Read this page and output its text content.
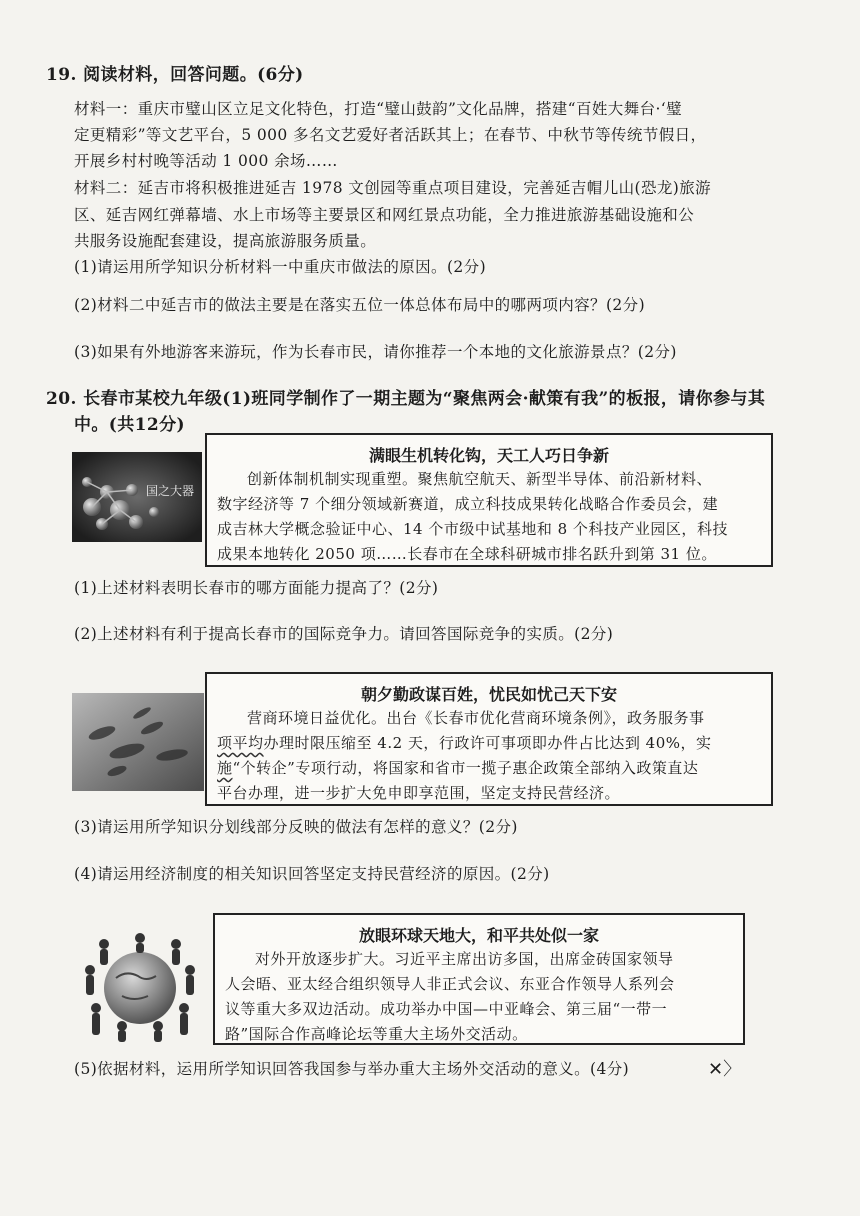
19. 阅读材料，回答问题。(6分)
材料一：重庆市璧山区立足文化特色，打造“璧山鼓韵”文化品牌，搭建“百姓大舞台·‘璧
定更精彩”等文艺平台，5 000 多名文艺爱好者活跃其上；在春节、中秋节等传统节假日，
开展乡村村晚等活动 1 000 余场……
材料二：延吉市将积极推进延吉 1978 文创园等重点项目建设，完善延吉帽儿山(恐龙)旅游
区、延吉网红弹幕墙、水上市场等主要景区和网红景点功能，全力推进旅游基础设施和公
共服务设施配套建设，提高旅游服务质量。
(1)请运用所学知识分析材料一中重庆市做法的原因。(2分)
(2)材料二中延吉市的做法主要是在落实五位一体总体布局中的哪两项内容？(2分)
(3)如果有外地游客来游玩，作为长春市民，请你推荐一个本地的文化旅游景点？(2分)
20. 长春市某校九年级(1)班同学制作了一期主题为“聚焦两会·献策有我”的板报，请你参与其
中。(共12分)
国之大器
满眼生机转化钩，天工人巧日争新
创新体制机制实现重塑。聚焦航空航天、新型半导体、前沿新材料、
数字经济等 7 个细分领域新赛道，成立科技成果转化战略合作委员会，建
成吉林大学概念验证中心、14 个市级中试基地和 8 个科技产业园区，科技
成果本地转化 2050 项……长春市在全球科研城市排名跃升到第 31 位。
(1)上述材料表明长春市的哪方面能力提高了？(2分)
(2)上述材料有利于提高长春市的国际竞争力。请回答国际竞争的实质。(2分)
朝夕勤政谋百姓，忧民如忧己天下安
营商环境日益优化。出台《长春市优化营商环境条例》，政务服务事
项平均办理时限压缩至 4.2 天，行政许可事项即办件占比达到 40%，实
施“个转企”专项行动，将国家和省市一揽子惠企政策全部纳入政策直达
平台办理，进一步扩大免申即享范围，坚定支持民营经济。
(3)请运用所学知识分划线部分反映的做法有怎样的意义？(2分)
(4)请运用经济制度的相关知识回答坚定支持民营经济的原因。(2分)
放眼环球天地大，和平共处似一家
对外开放逐步扩大。习近平主席出访多国，出席金砖国家领导
人会晤、亚太经合组织领导人非正式会议、东亚合作领导人系列会
议等重大多双边活动。成功举办中国—中亚峰会、第三届“一带一
路”国际合作高峰论坛等重大主场外交活动。
(5)依据材料，运用所学知识回答我国参与举办重大主场外交活动的意义。(4分)	✕〉
